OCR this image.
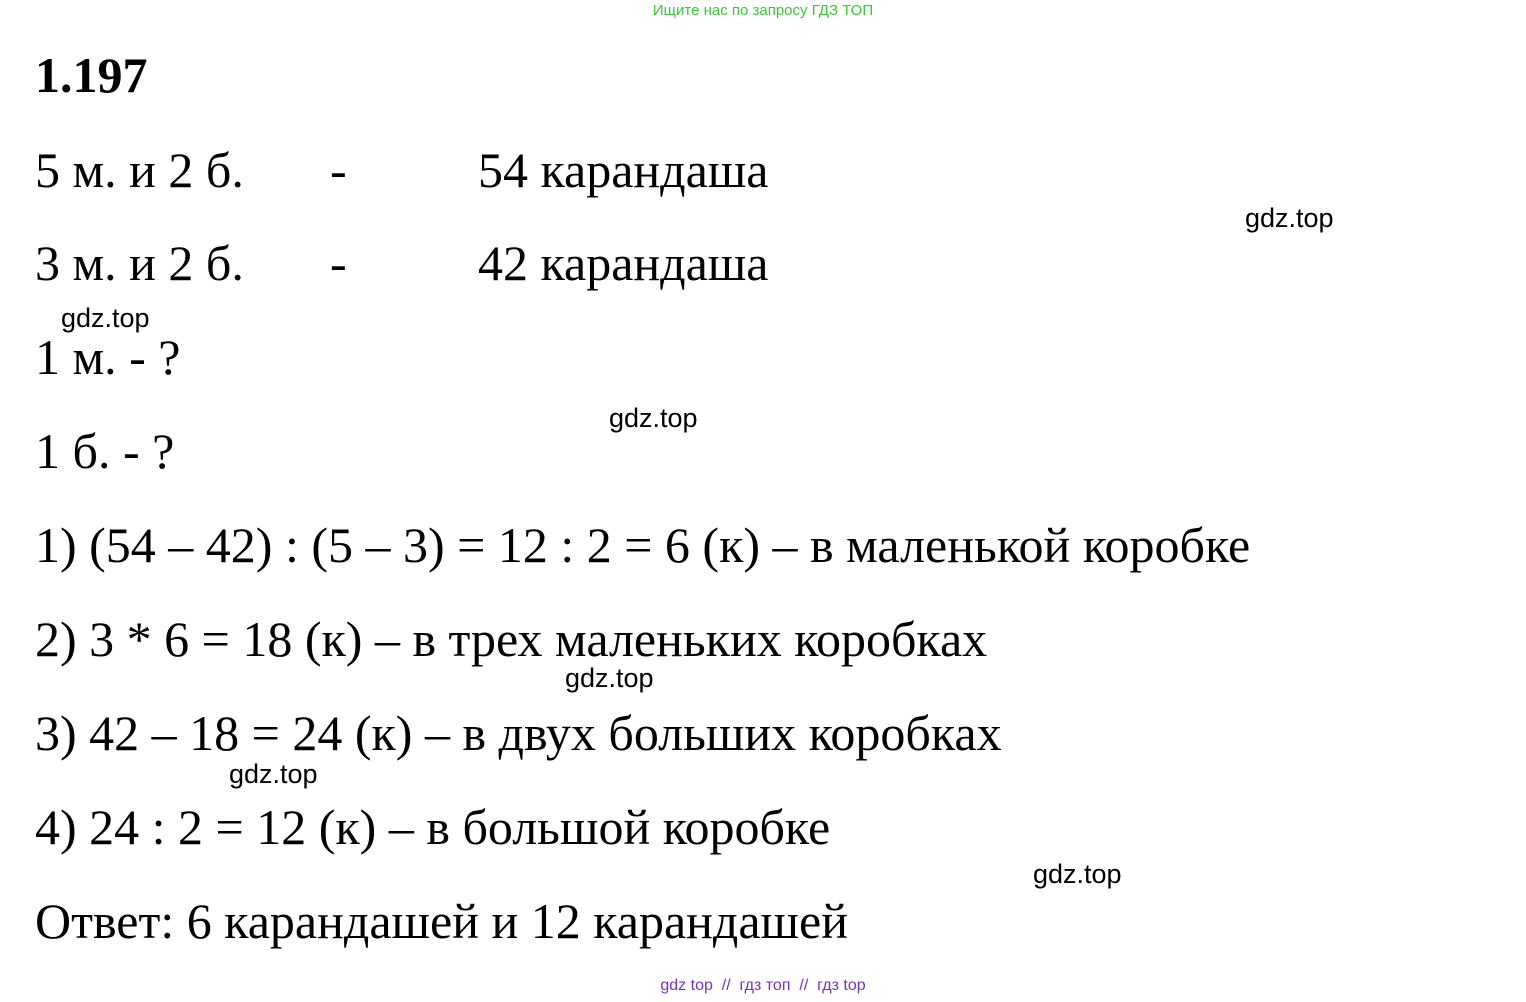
Ищите нас по запросу ГДЗ ТОП
1.197

5 м. и 2 б.

-

	54 карандаша

3 м. и 2 б.

-

	42 карандаша

1 м. - ?
1 б. - ?
1) (54 – 42) : (5 – 3) = 12 : 2 = 6 (к) – в маленькой коробке
2) 3 * 6 = 18 (к) – в трех маленьких коробках
3) 42 – 18 = 24 (к) – в двух больших коробках
4) 24 : 2 = 12 (к) – в большой коробке
Ответ: 6 карандашей и 12 карандашей
gdz.top
gdz.top
gdz.top
gdz.top
gdz.top
gdz.top
gdz top  //  гдз топ  //  гдз top
